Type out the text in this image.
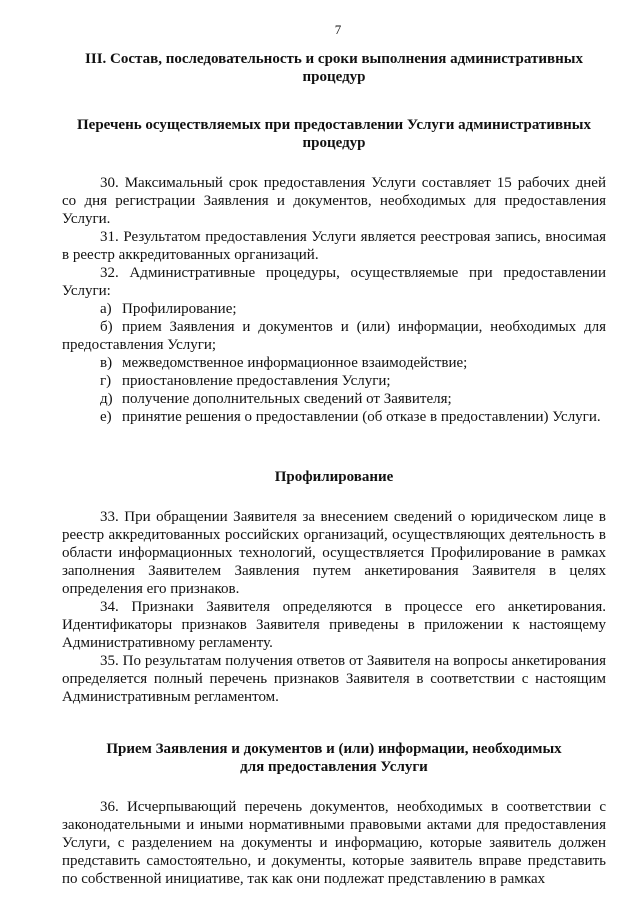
7
III. Состав, последовательность и сроки выполнения административных
процедур
Перечень осуществляемых при предоставлении Услуги административных
процедур

30. Максимальный срок предоставления Услуги составляет 15 рабочих дней со дня регистрации Заявления и документов, необходимых для предоставления Услуги.

31. Результатом предоставления Услуги является реестровая запись, вносимая в реестр аккредитованных организаций.

32. Административные процедуры, осуществляемые при предоставлении Услуги:

а) Профилирование;

б) прием Заявления и документов и (или) информации, необходимых для предоставления Услуги;

в) межведомственное информационное взаимодействие;

г) приостановление предоставления Услуги;

д) получение дополнительных сведений от Заявителя;

е) принятие решения о предоставлении (об отказе в предоставлении) Услуги.

Профилирование

33. При обращении Заявителя за внесением сведений о юридическом лице в реестр аккредитованных российских организаций, осуществляющих деятельность в области информационных технологий, осуществляется Профилирование в рамках заполнения Заявителем Заявления путем анкетирования Заявителя в целях определения его признаков.

34. Признаки Заявителя определяются в процессе его анкетирования. Идентификаторы признаков Заявителя приведены в приложении к настоящему Административному регламенту.

35. По результатам получения ответов от Заявителя на вопросы анкетирования определяется полный перечень признаков Заявителя в соответствии с настоящим Административным регламентом.

Прием Заявления и документов и (или) информации, необходимых
для предоставления Услуги

36. Исчерпывающий перечень документов, необходимых в соответствии с законодательными и иными нормативными правовыми актами для предоставления Услуги, с разделением на документы и информацию, которые заявитель должен представить самостоятельно, и документы, которые заявитель вправе представить по собственной инициативе, так как они подлежат представлению в рамках
